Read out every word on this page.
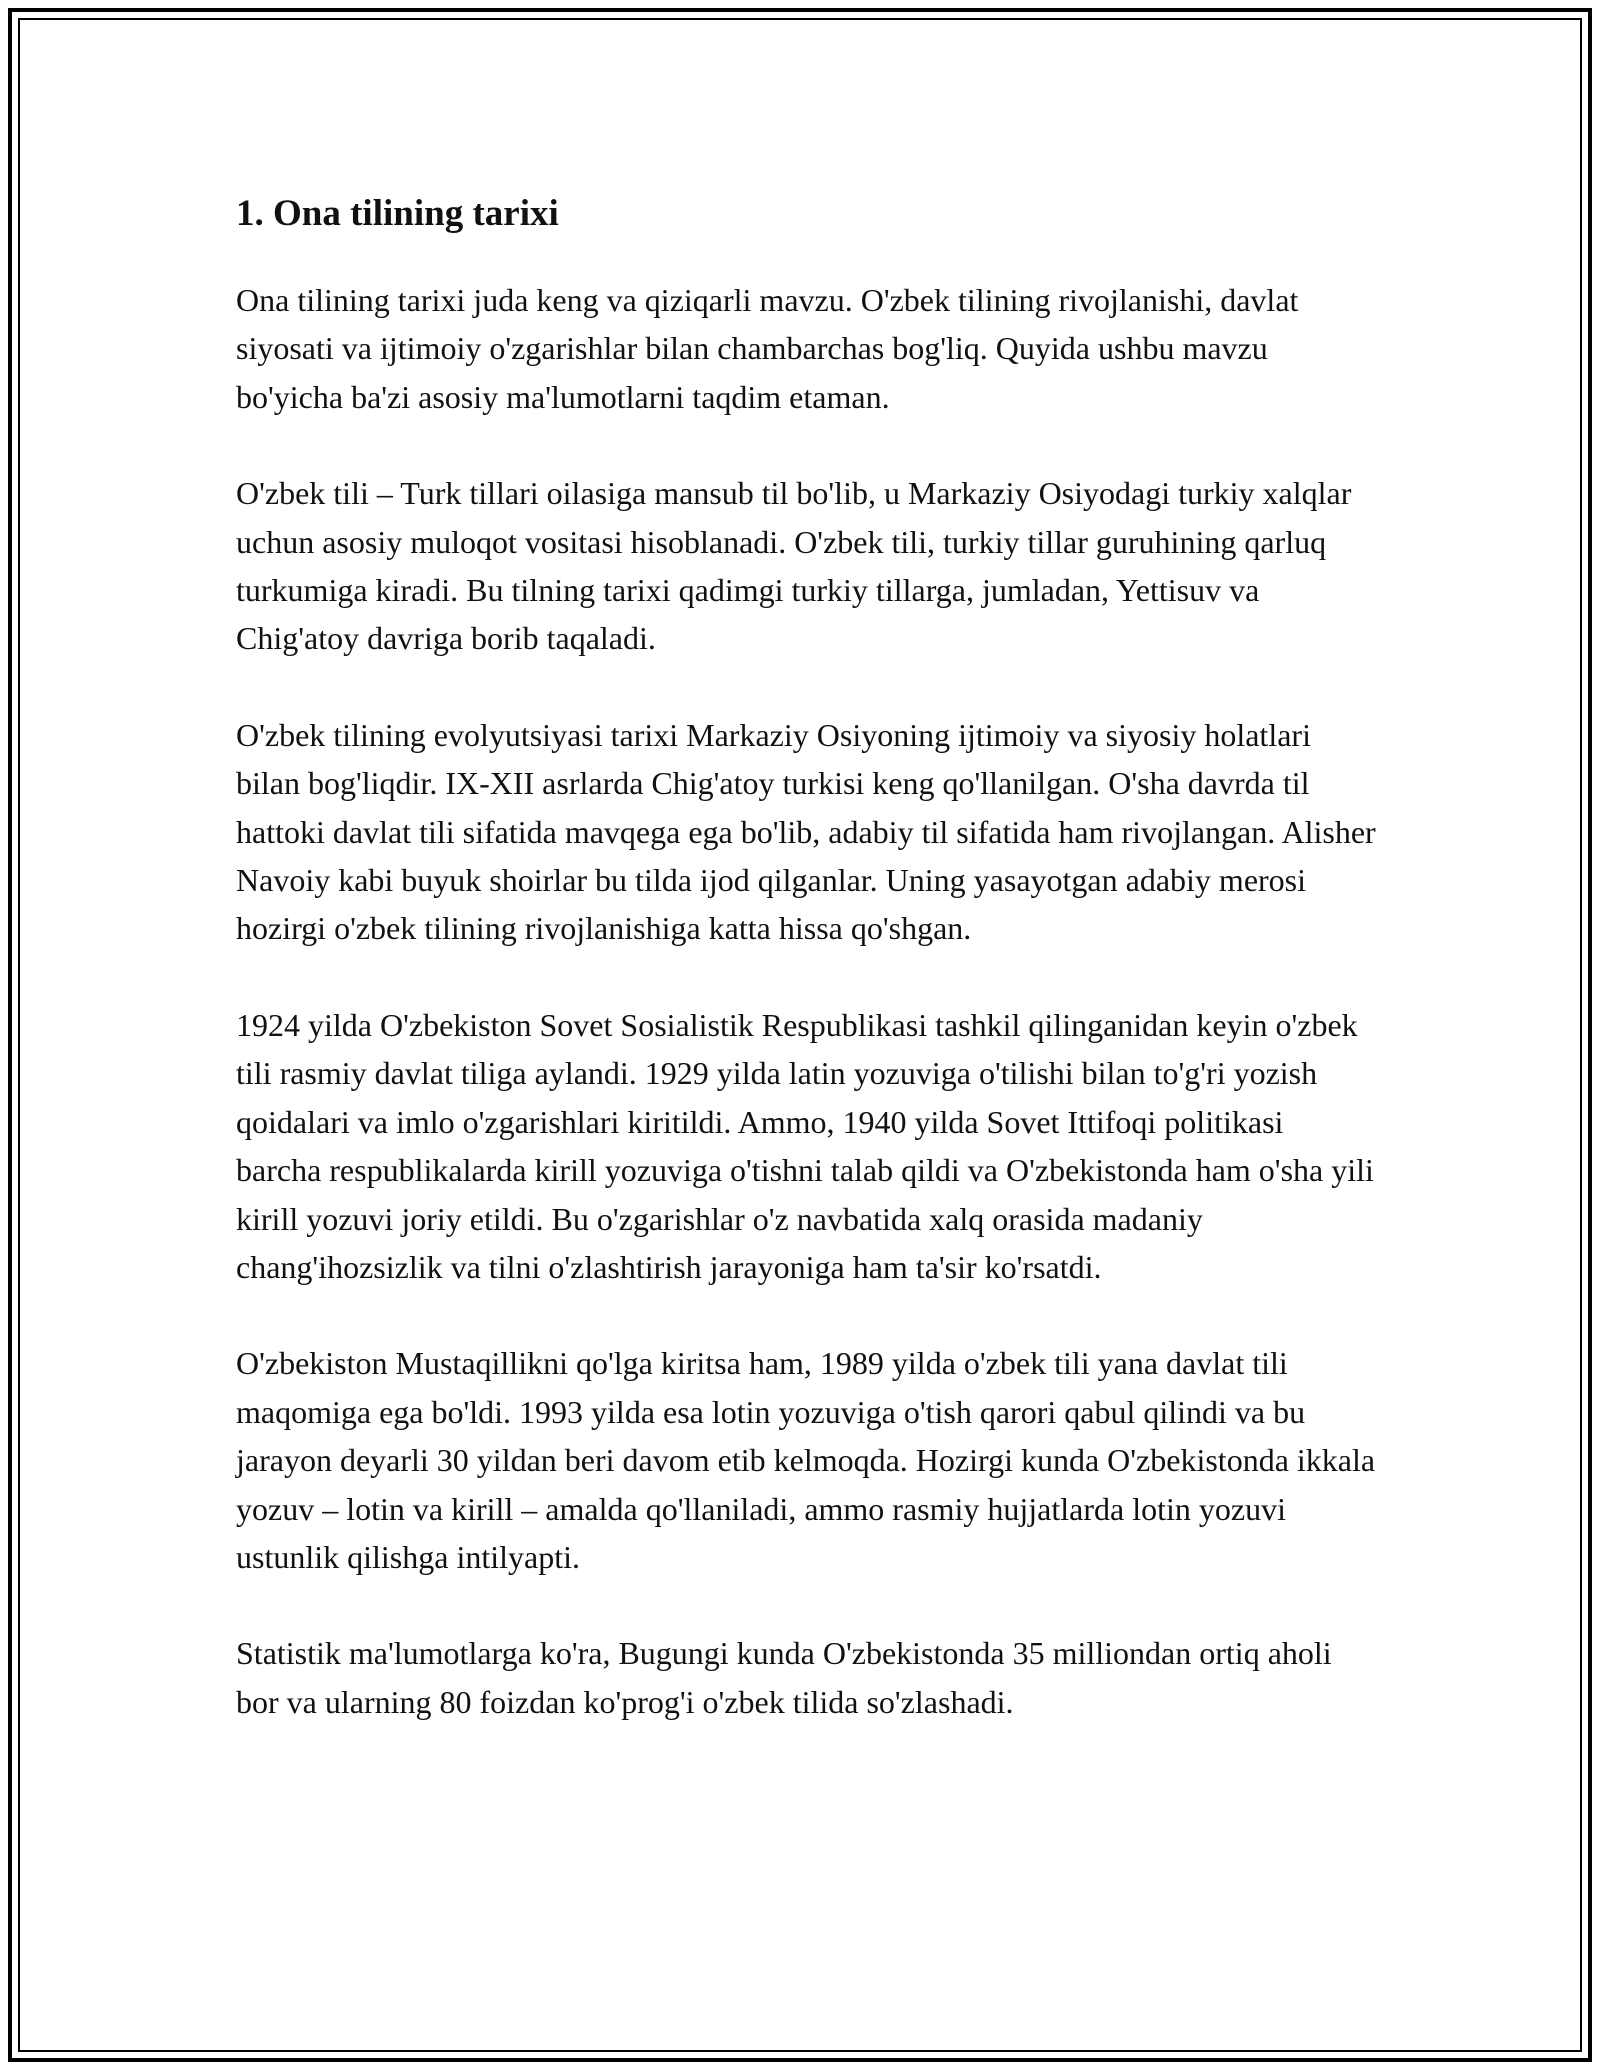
1. Ona tilining tarixi

Ona tilining tarixi juda keng va qiziqarli mavzu. O'zbek tilining rivojlanishi, davlat siyosati va ijtimoiy o'zgarishlar bilan chambarchas bog'liq. Quyida ushbu mavzu bo'yicha ba'zi asosiy ma'lumotlarni taqdim etaman.

O'zbek tili – Turk tillari oilasiga mansub til bo'lib, u Markaziy Osiyodagi turkiy xalqlar uchun asosiy muloqot vositasi hisoblanadi. O'zbek tili, turkiy tillar guruhining qarluq turkumiga kiradi. Bu tilning tarixi qadimgi turkiy tillarga, jumladan, Yettisuv va Chig'atoy davriga borib taqaladi.

O'zbek tilining evolyutsiyasi tarixi Markaziy Osiyoning ijtimoiy va siyosiy holatlari bilan bog'liqdir. IX-XII asrlarda Chig'atoy turkisi keng qo'llanilgan. O'sha davrda til hattoki davlat tili sifatida mavqega ega bo'lib, adabiy til sifatida ham rivojlangan. Alisher Navoiy kabi buyuk shoirlar bu tilda ijod qilganlar. Uning yasayotgan adabiy merosi hozirgi o'zbek tilining rivojlanishiga katta hissa qo'shgan.

1924 yilda O'zbekiston Sovet Sosialistik Respublikasi tashkil qilinganidan keyin o'zbek tili rasmiy davlat tiliga aylandi. 1929 yilda latin yozuviga o'tilishi bilan to'g'ri yozish qoidalari va imlo o'zgarishlari kiritildi. Ammo, 1940 yilda Sovet Ittifoqi politikasi barcha respublikalarda kirill yozuviga o'tishni talab qildi va O'zbekistonda ham o'sha yili kirill yozuvi joriy etildi. Bu o'zgarishlar o'z navbatida xalq orasida madaniy chang'ihozsizlik va tilni o'zlashtirish jarayoniga ham ta'sir ko'rsatdi.

O'zbekiston Mustaqillikni qo'lga kiritsa ham, 1989 yilda o'zbek tili yana davlat tili maqomiga ega bo'ldi. 1993 yilda esa lotin yozuviga o'tish qarori qabul qilindi va bu jarayon deyarli 30 yildan beri davom etib kelmoqda. Hozirgi kunda O'zbekistonda ikkala yozuv – lotin va kirill – amalda qo'llaniladi, ammo rasmiy hujjatlarda lotin yozuvi ustunlik qilishga intilyapti.

Statistik ma'lumotlarga ko'ra, Bugungi kunda O'zbekistonda 35 milliondan ortiq aholi bor va ularning 80 foizdan ko'prog'i o'zbek tilida so'zlashadi.
